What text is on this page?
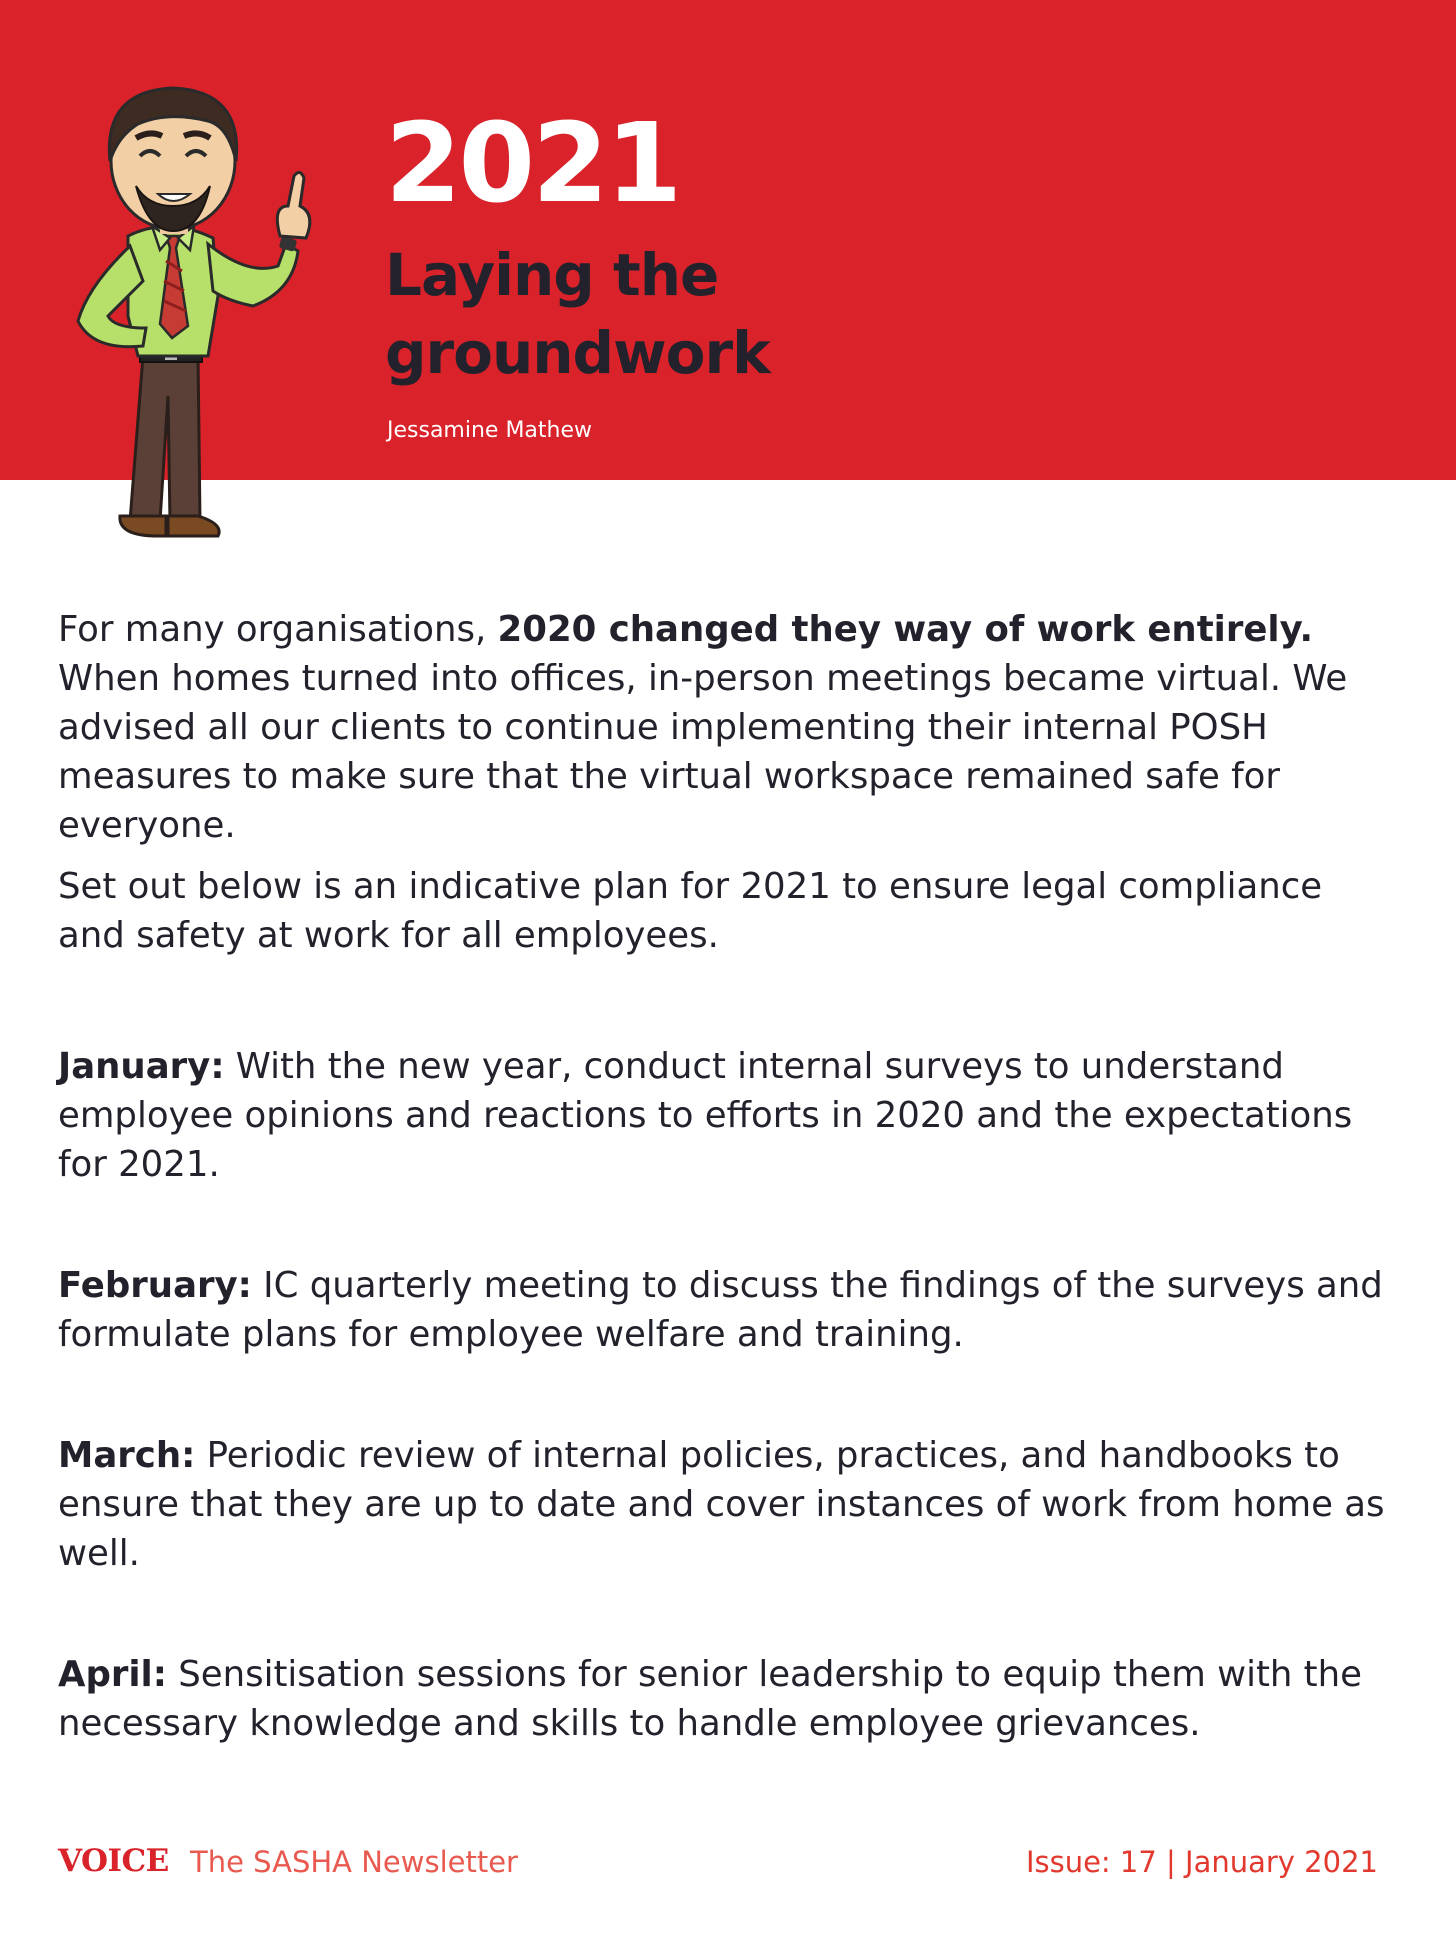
2021
Laying the groundwork
Jessamine Mathew

For many organisations, 2020 changed they way of work entirely. When homes turned into offices, in-person meetings became virtual. We advised all our clients to continue implementing their internal POSH measures to make sure that the virtual workspace remained safe for everyone.

Set out below is an indicative plan for 2021 to ensure legal compliance and safety at work for all employees.

January: With the new year, conduct internal surveys to understand employee opinions and reactions to efforts in 2020 and the expectations for 2021.

February: IC quarterly meeting to discuss the findings of the surveys and formulate plans for employee welfare and training.

March: Periodic review of internal policies, practices, and handbooks to ensure that they are up to date and cover instances of work from home as well.

April: Sensitisation sessions for senior leadership to equip them with the necessary knowledge and skills to handle employee grievances.

VOICE The SASHA Newsletter	Issue: 17 | January 2021
